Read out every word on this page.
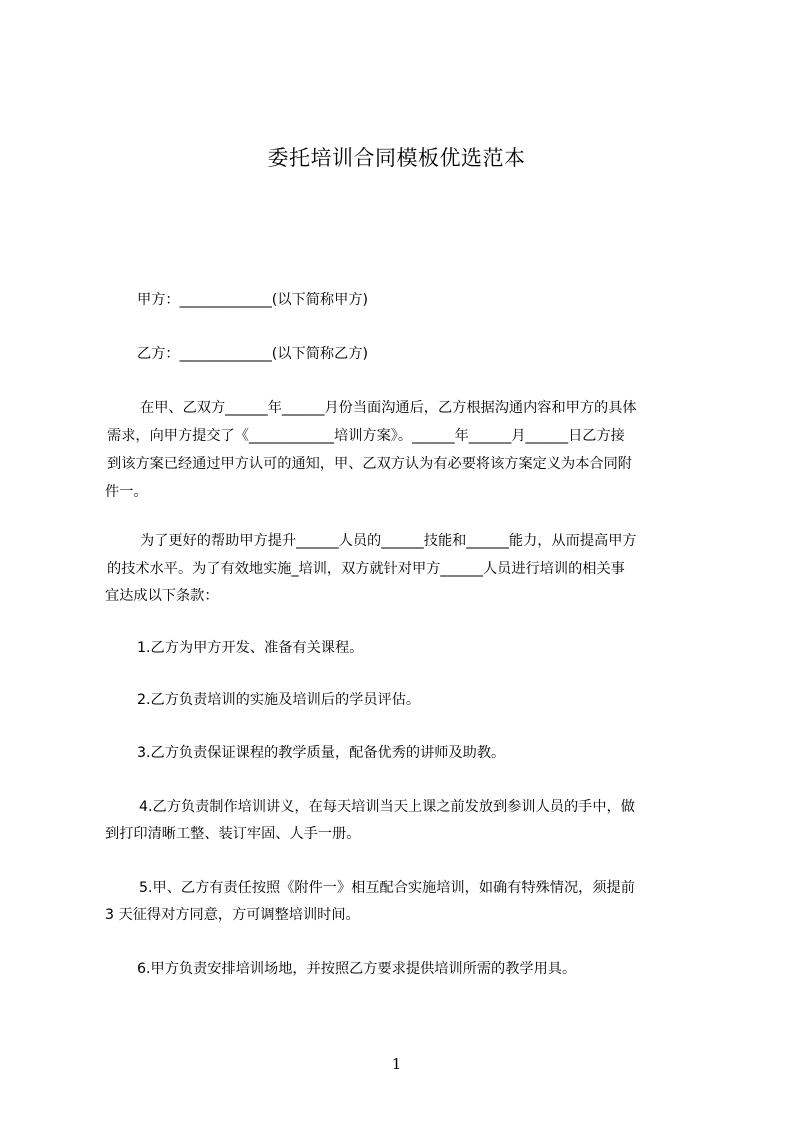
委托培训合同模板优选范本
甲方：_____________(以下简称甲方)
乙方：_____________(以下简称乙方)
在甲、乙双方______年______月份当面沟通后，乙方根据沟通内容和甲方的具体
需求，向甲方提交了《____________培训方案》。______年______月______日乙方接
到该方案已经通过甲方认可的通知，甲、乙双方认为有必要将该方案定义为本合同附
件一。
为了更好的帮助甲方提升______人员的______技能和______能力，从而提高甲方
的技术水平。为了有效地实施_培训，双方就针对甲方______人员进行培训的相关事
宜达成以下条款：
1.乙方为甲方开发、准备有关课程。
2.乙方负责培训的实施及培训后的学员评估。
3.乙方负责保证课程的教学质量，配备优秀的讲师及助教。
4.乙方负责制作培训讲义，在每天培训当天上课之前发放到参训人员的手中，做
到打印清晰工整、装订牢固、人手一册。
5.甲、乙方有责任按照《附件一》相互配合实施培训，如确有特殊情况，须提前
3 天征得对方同意，方可调整培训时间。
6.甲方负责安排培训场地，并按照乙方要求提供培训所需的教学用具。
1
